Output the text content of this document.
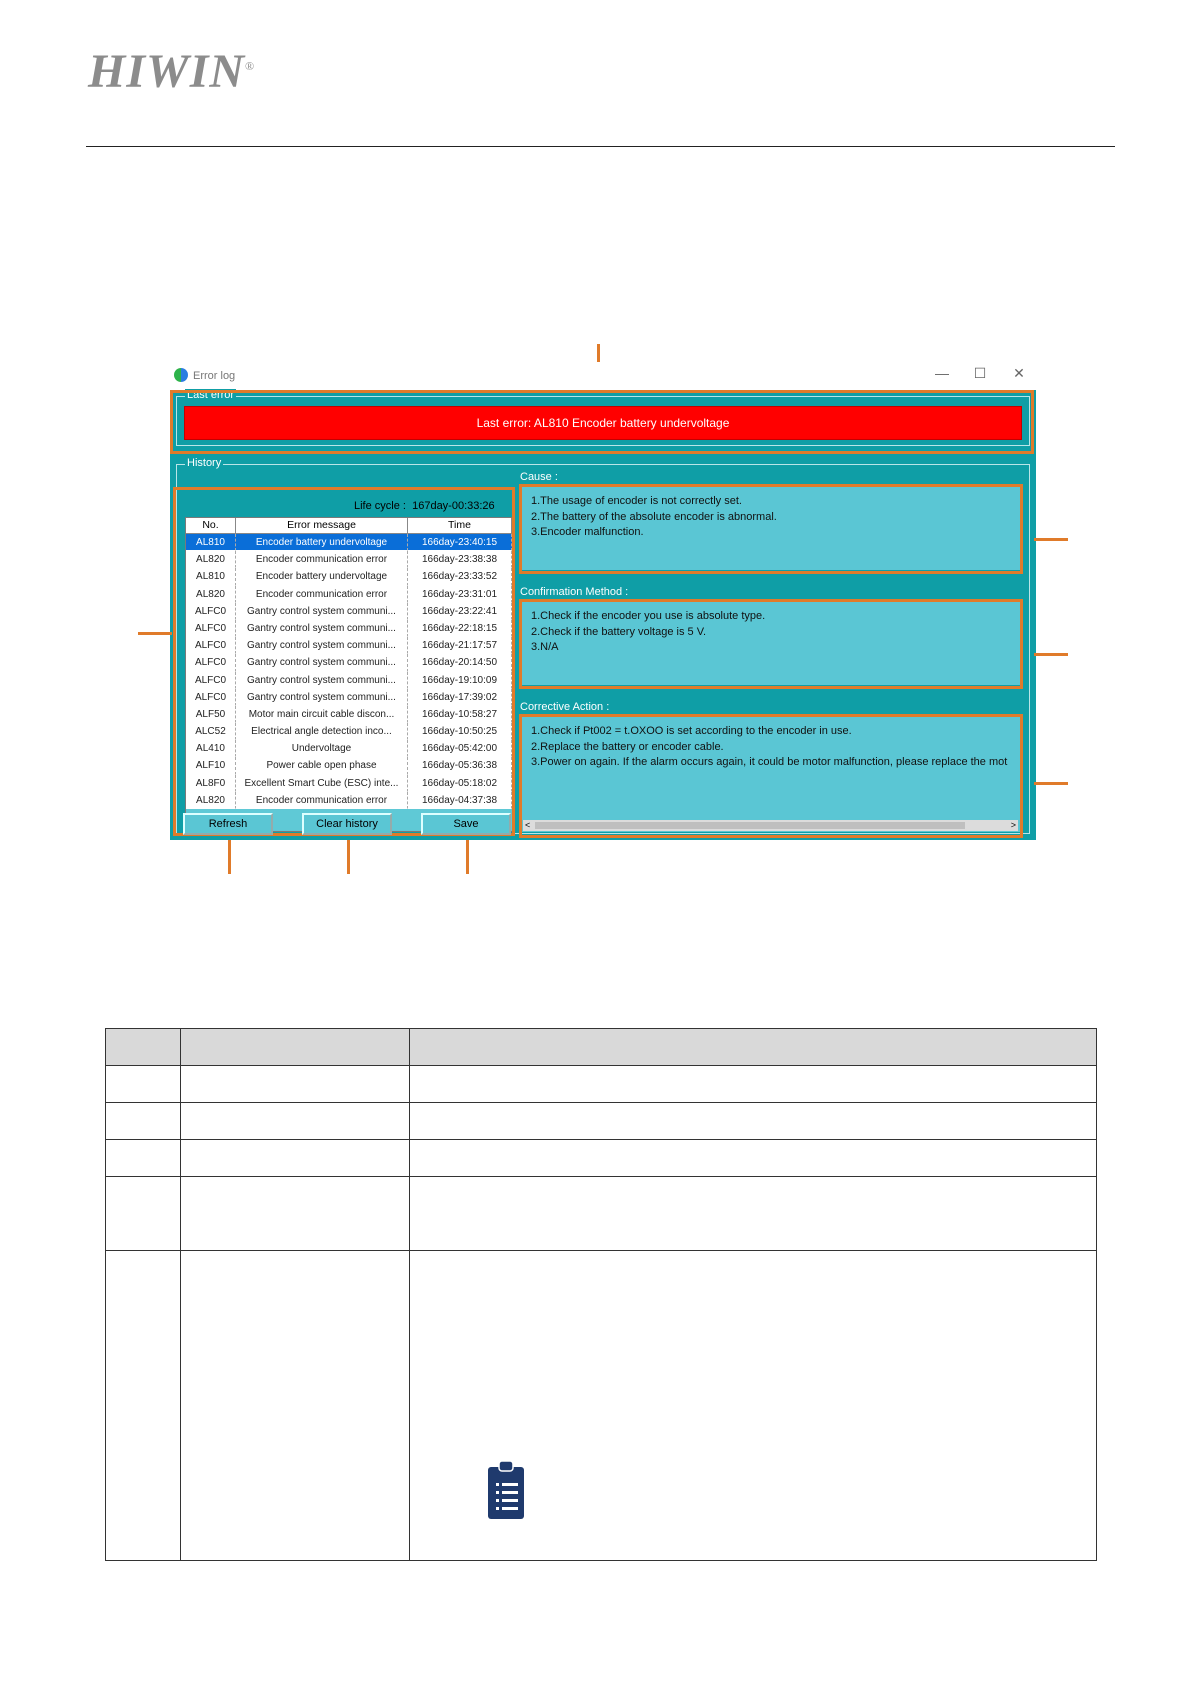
HIWIN®
Error log	— ☐ ✕
Last error
Last error: AL810 Encoder battery undervoltage
History
Life cycle : 167day-00:33:26
No.	Error message	Time
AL810	Encoder battery undervoltage	166day-23:40:15
AL820	Encoder communication error	166day-23:38:38
AL810	Encoder battery undervoltage	166day-23:33:52
AL820	Encoder communication error	166day-23:31:01
ALFC0	Gantry control system communi...	166day-23:22:41
ALFC0	Gantry control system communi...	166day-22:18:15
ALFC0	Gantry control system communi...	166day-21:17:57
ALFC0	Gantry control system communi...	166day-20:14:50
ALFC0	Gantry control system communi...	166day-19:10:09
ALFC0	Gantry control system communi...	166day-17:39:02
ALF50	Motor main circuit cable discon...	166day-10:58:27
ALC52	Electrical angle detection inco...	166day-10:50:25
AL410	Undervoltage	166day-05:42:00
ALF10	Power cable open phase	166day-05:36:38
AL8F0	Excellent Smart Cube (ESC) inte...	166day-05:18:02
AL820	Encoder communication error	166day-04:37:38
Cause :
1.The usage of encoder is not correctly set.
2.The battery of the absolute encoder is abnormal.
3.Encoder malfunction.
Confirmation Method :
1.Check if the encoder you use is absolute type.
2.Check if the battery voltage is 5 V.
3.N/A
Corrective Action :
1.Check if Pt002 = t.OXOO is set according to the encoder in use.
2.Replace the battery or encoder cable.
3.Power on again. If the alarm occurs again, it could be motor malfunction, please replace the mot
<	>
Refresh	Clear history	Save
